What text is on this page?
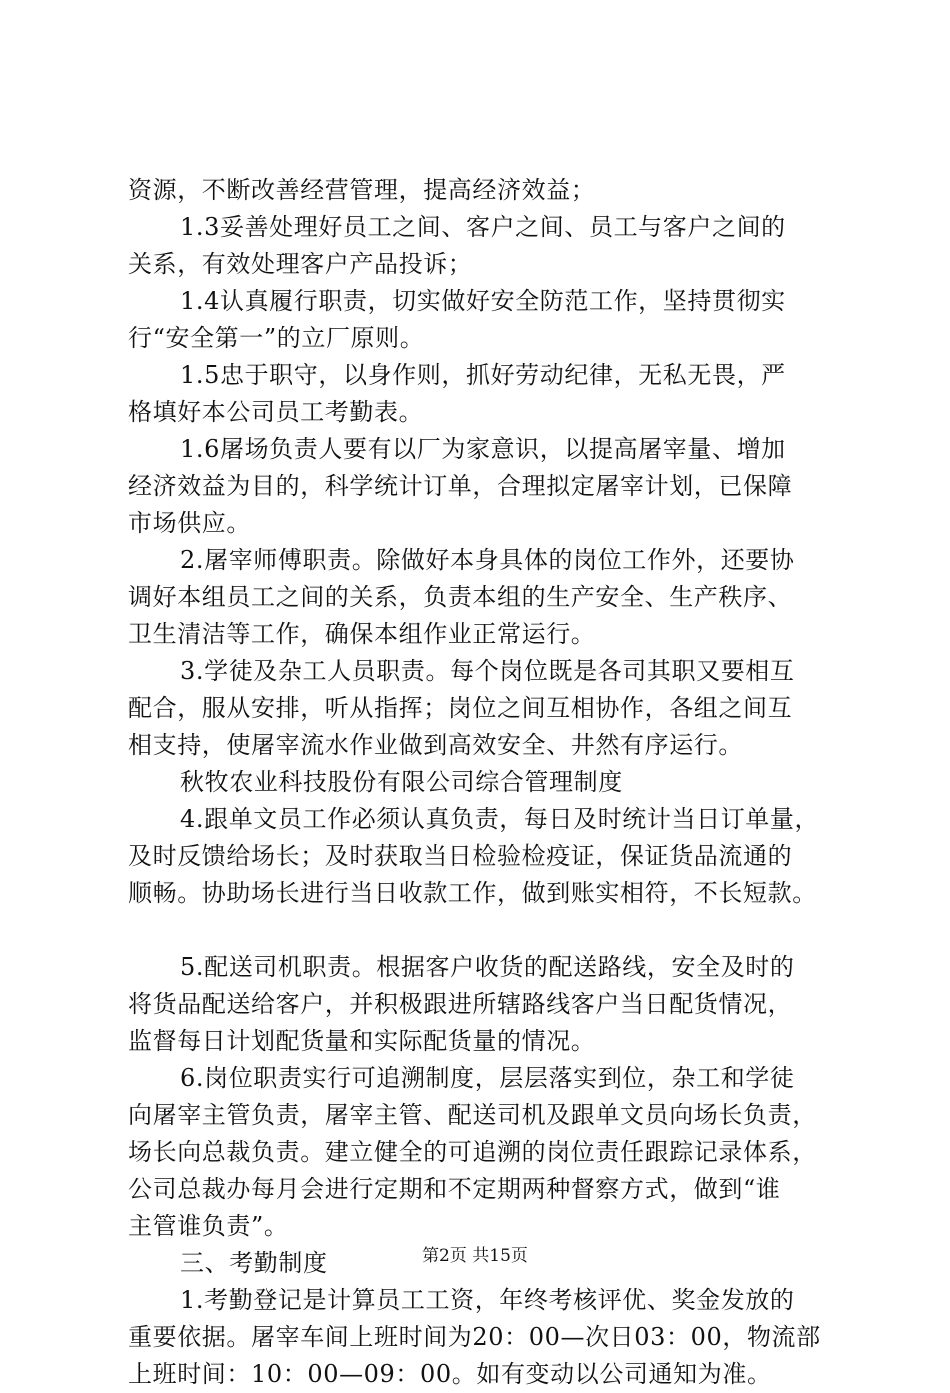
资源，不断改善经营管理，提高经济效益；
1.3妥善处理好员工之间、客户之间、员工与客户之间的
关系，有效处理客户产品投诉；
1.4认真履行职责，切实做好安全防范工作，坚持贯彻实
行“安全第一”的立厂原则。
1.5忠于职守，以身作则，抓好劳动纪律，无私无畏，严
格填好本公司员工考勤表。
1.6屠场负责人要有以厂为家意识，以提高屠宰量、增加
经济效益为目的，科学统计订单，合理拟定屠宰计划，已保障
市场供应。
2.屠宰师傅职责。除做好本身具体的岗位工作外，还要协
调好本组员工之间的关系，负责本组的生产安全、生产秩序、
卫生清洁等工作，确保本组作业正常运行。
3.学徒及杂工人员职责。每个岗位既是各司其职又要相互
配合，服从安排，听从指挥；岗位之间互相协作，各组之间互
相支持，使屠宰流水作业做到高效安全、井然有序运行。
秋牧农业科技股份有限公司综合管理制度
4.跟单文员工作必须认真负责，每日及时统计当日订单量，
及时反馈给场长；及时获取当日检验检疫证，保证货品流通的
顺畅。协助场长进行当日收款工作，做到账实相符，不长短款。
5.配送司机职责。根据客户收货的配送路线，安全及时的
将货品配送给客户，并积极跟进所辖路线客户当日配货情况，
监督每日计划配货量和实际配货量的情况。
6.岗位职责实行可追溯制度，层层落实到位，杂工和学徒
向屠宰主管负责，屠宰主管、配送司机及跟单文员向场长负责，
场长向总裁负责。建立健全的可追溯的岗位责任跟踪记录体系，
公司总裁办每月会进行定期和不定期两种督察方式，做到“谁
主管谁负责”。
三、考勤制度
1.考勤登记是计算员工工资，年终考核评优、奖金发放的
重要依据。屠宰车间上班时间为20：00—次日03：00，物流部
上班时间：10：00—09：00。如有变动以公司通知为准。
第2页 共15页
